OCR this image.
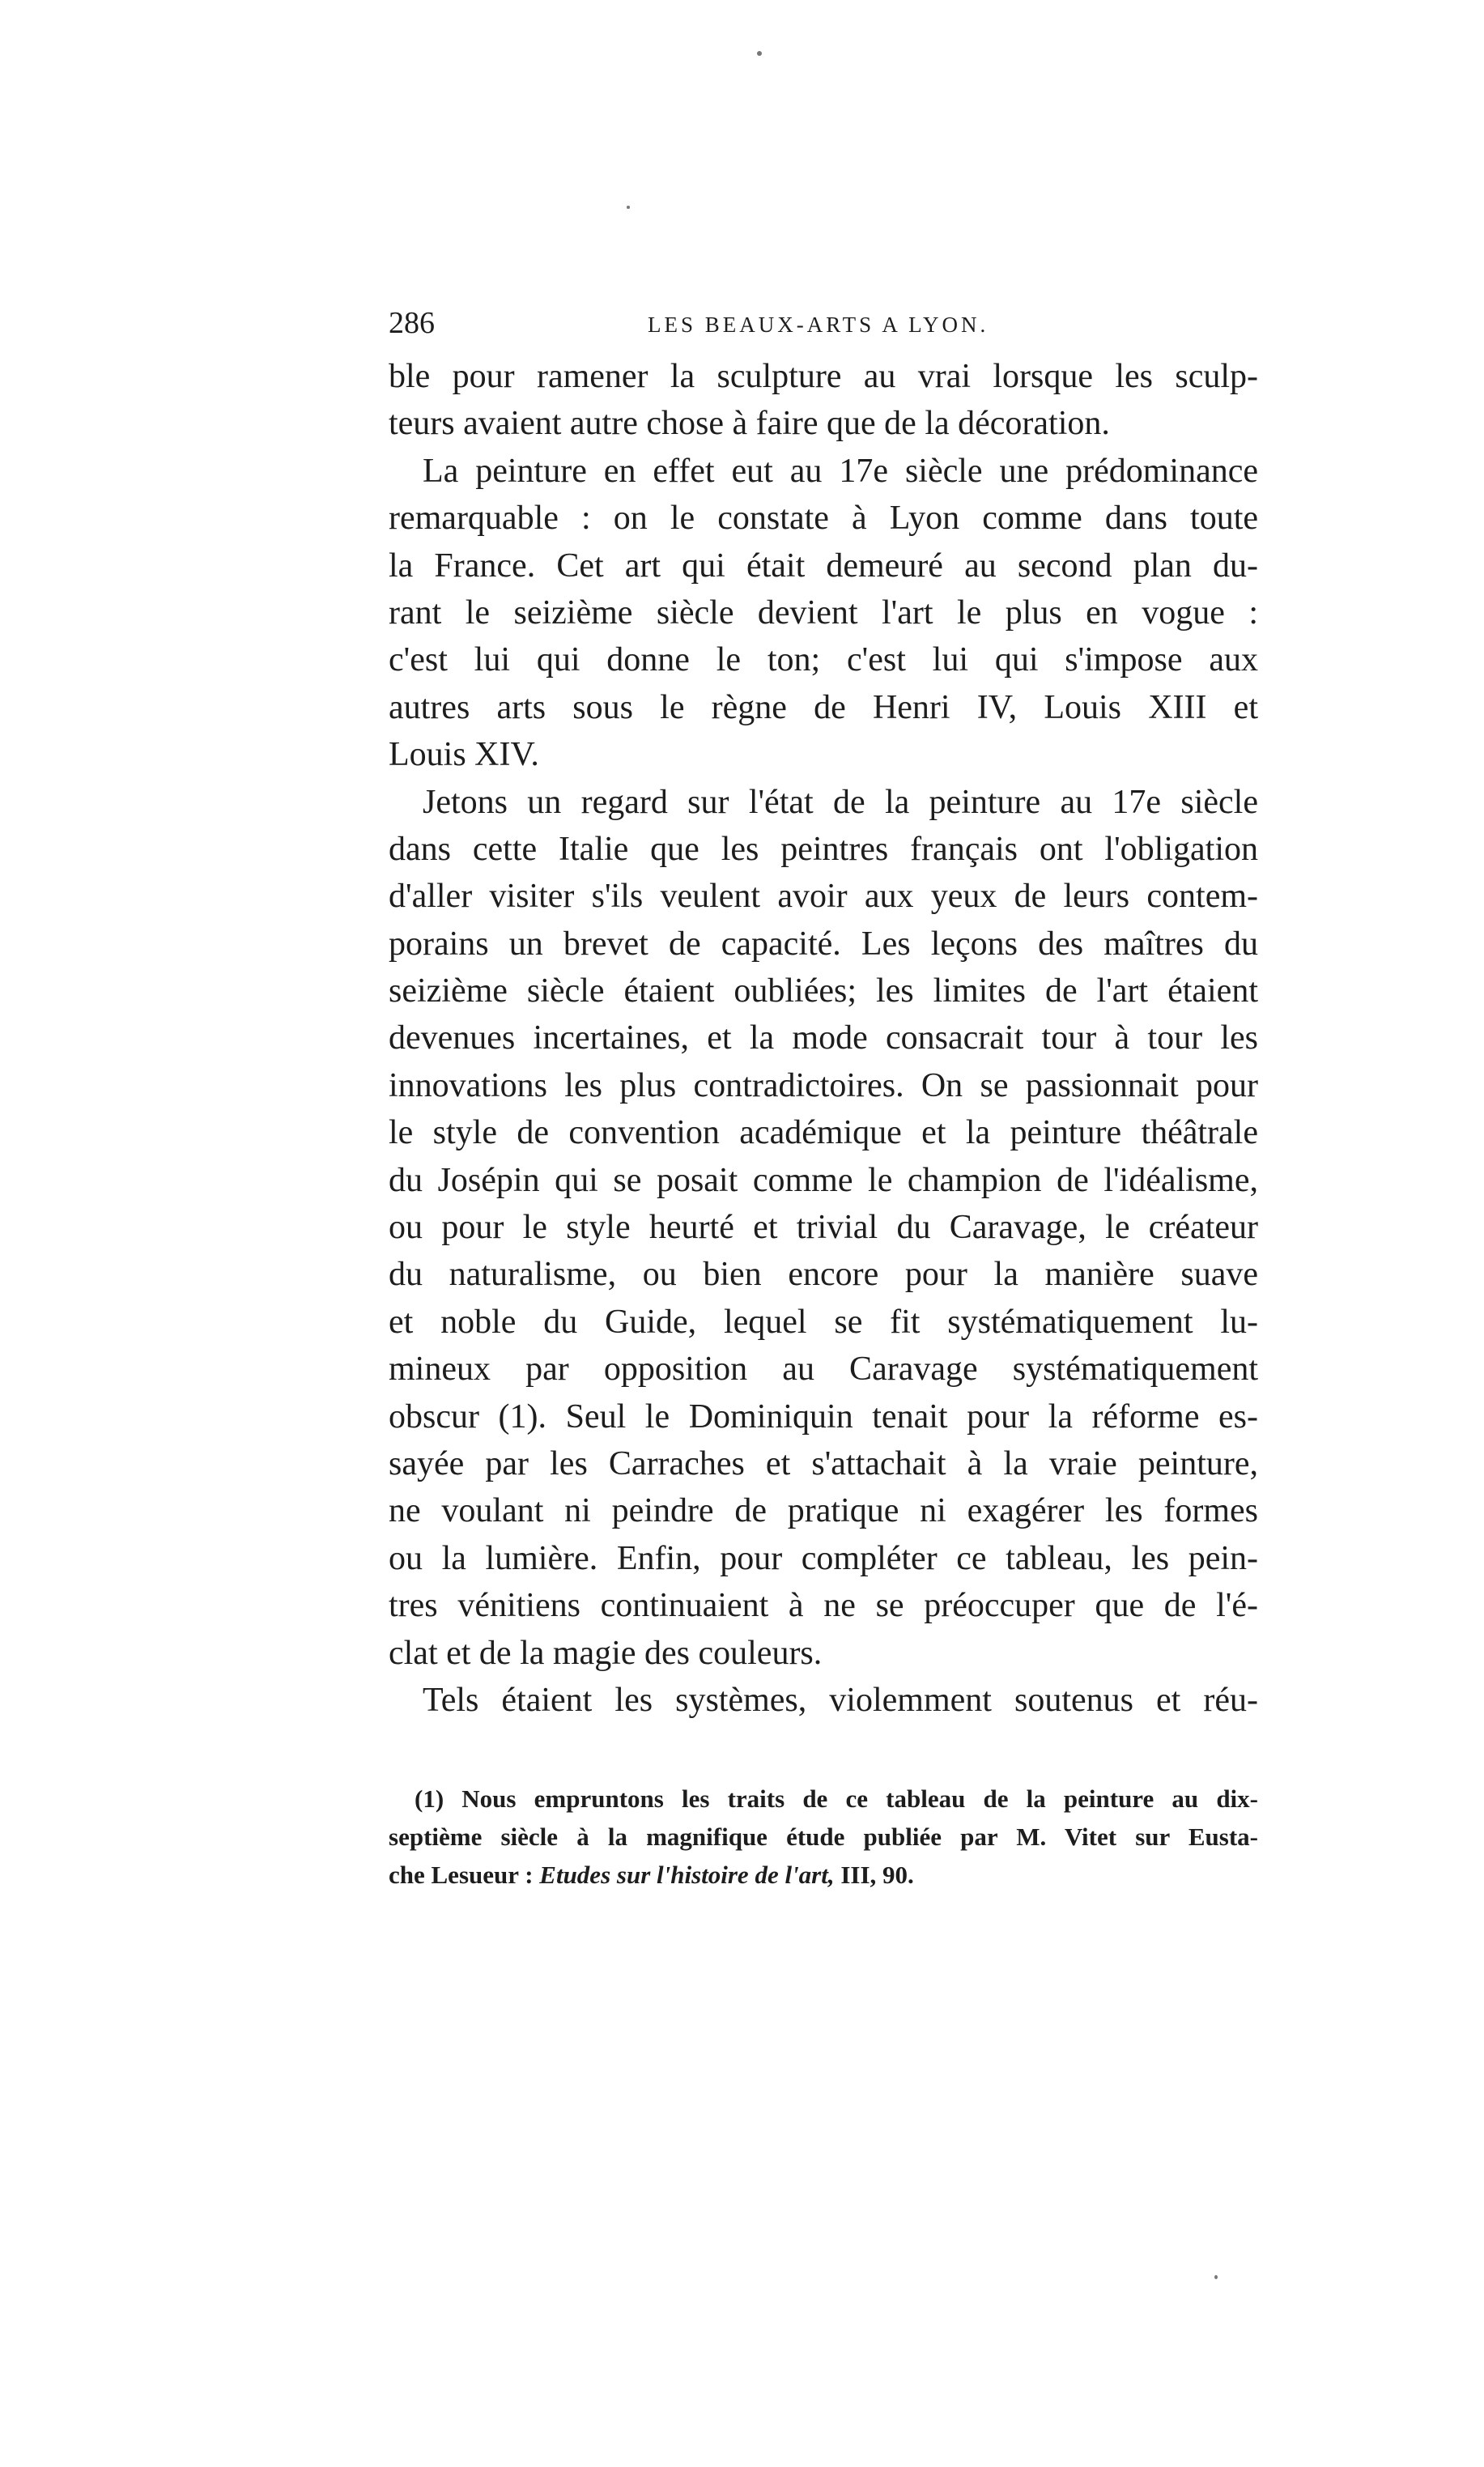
286	LES BEAUX-ARTS A LYON.
ble pour ramener la sculpture au vrai lorsque les sculp-
teurs avaient autre chose à faire que de la décoration.
La peinture en effet eut au 17e siècle une prédominance
remarquable : on le constate à Lyon comme dans toute
la France. Cet art qui était demeuré au second plan du-
rant le seizième siècle devient l'art le plus en vogue :
c'est lui qui donne le ton; c'est lui qui s'impose aux
autres arts sous le règne de Henri IV, Louis XIII et
Louis XIV.
Jetons un regard sur l'état de la peinture au 17e siècle
dans cette Italie que les peintres français ont l'obligation
d'aller visiter s'ils veulent avoir aux yeux de leurs contem-
porains un brevet de capacité. Les leçons des maîtres du
seizième siècle étaient oubliées; les limites de l'art étaient
devenues incertaines, et la mode consacrait tour à tour les
innovations les plus contradictoires. On se passionnait pour
le style de convention académique et la peinture théâtrale
du Josépin qui se posait comme le champion de l'idéalisme,
ou pour le style heurté et trivial du Caravage, le créateur
du naturalisme, ou bien encore pour la manière suave
et noble du Guide, lequel se fit systématiquement lu-
mineux par opposition au Caravage systématiquement
obscur (1). Seul le Dominiquin tenait pour la réforme es-
sayée par les Carraches et s'attachait à la vraie peinture,
ne voulant ni peindre de pratique ni exagérer les formes
ou la lumière. Enfin, pour compléter ce tableau, les pein-
tres vénitiens continuaient à ne se préoccuper que de l'é-
clat et de la magie des couleurs.
Tels étaient les systèmes, violemment soutenus et réu-
(1) Nous empruntons les traits de ce tableau de la peinture au dix-
septième siècle à la magnifique étude publiée par M. Vitet sur Eusta-
che Lesueur : Etudes sur l'histoire de l'art, III, 90.
